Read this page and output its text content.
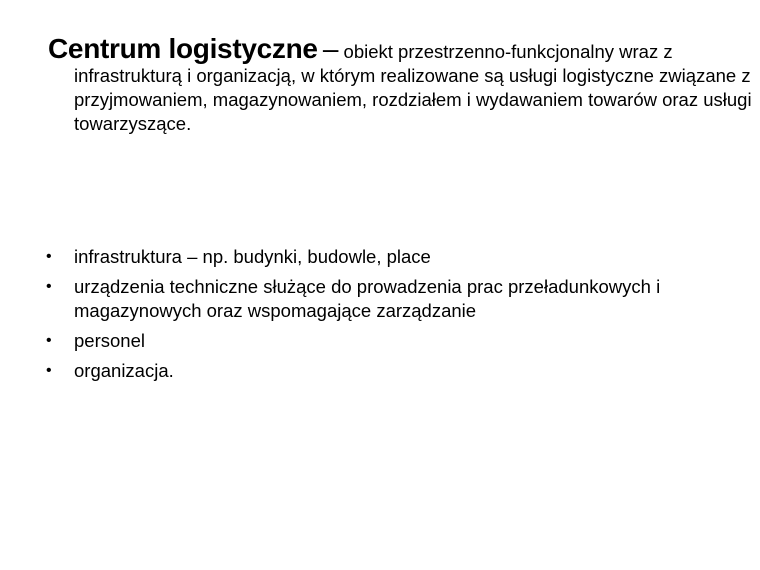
Centrum logistyczne – obiekt przestrzenno-funkcjonalny wraz z infrastrukturą i organizacją, w którym realizowane są usługi logistyczne związane z przyjmowaniem, magazynowaniem, rozdziałem i wydawaniem towarów oraz usługi towarzyszące.
• infrastruktura – np. budynki, budowle, place
• urządzenia techniczne służące do prowadzenia prac przeładunkowych i magazynowych oraz wspomagające zarządzanie
• personel
• organizacja.
